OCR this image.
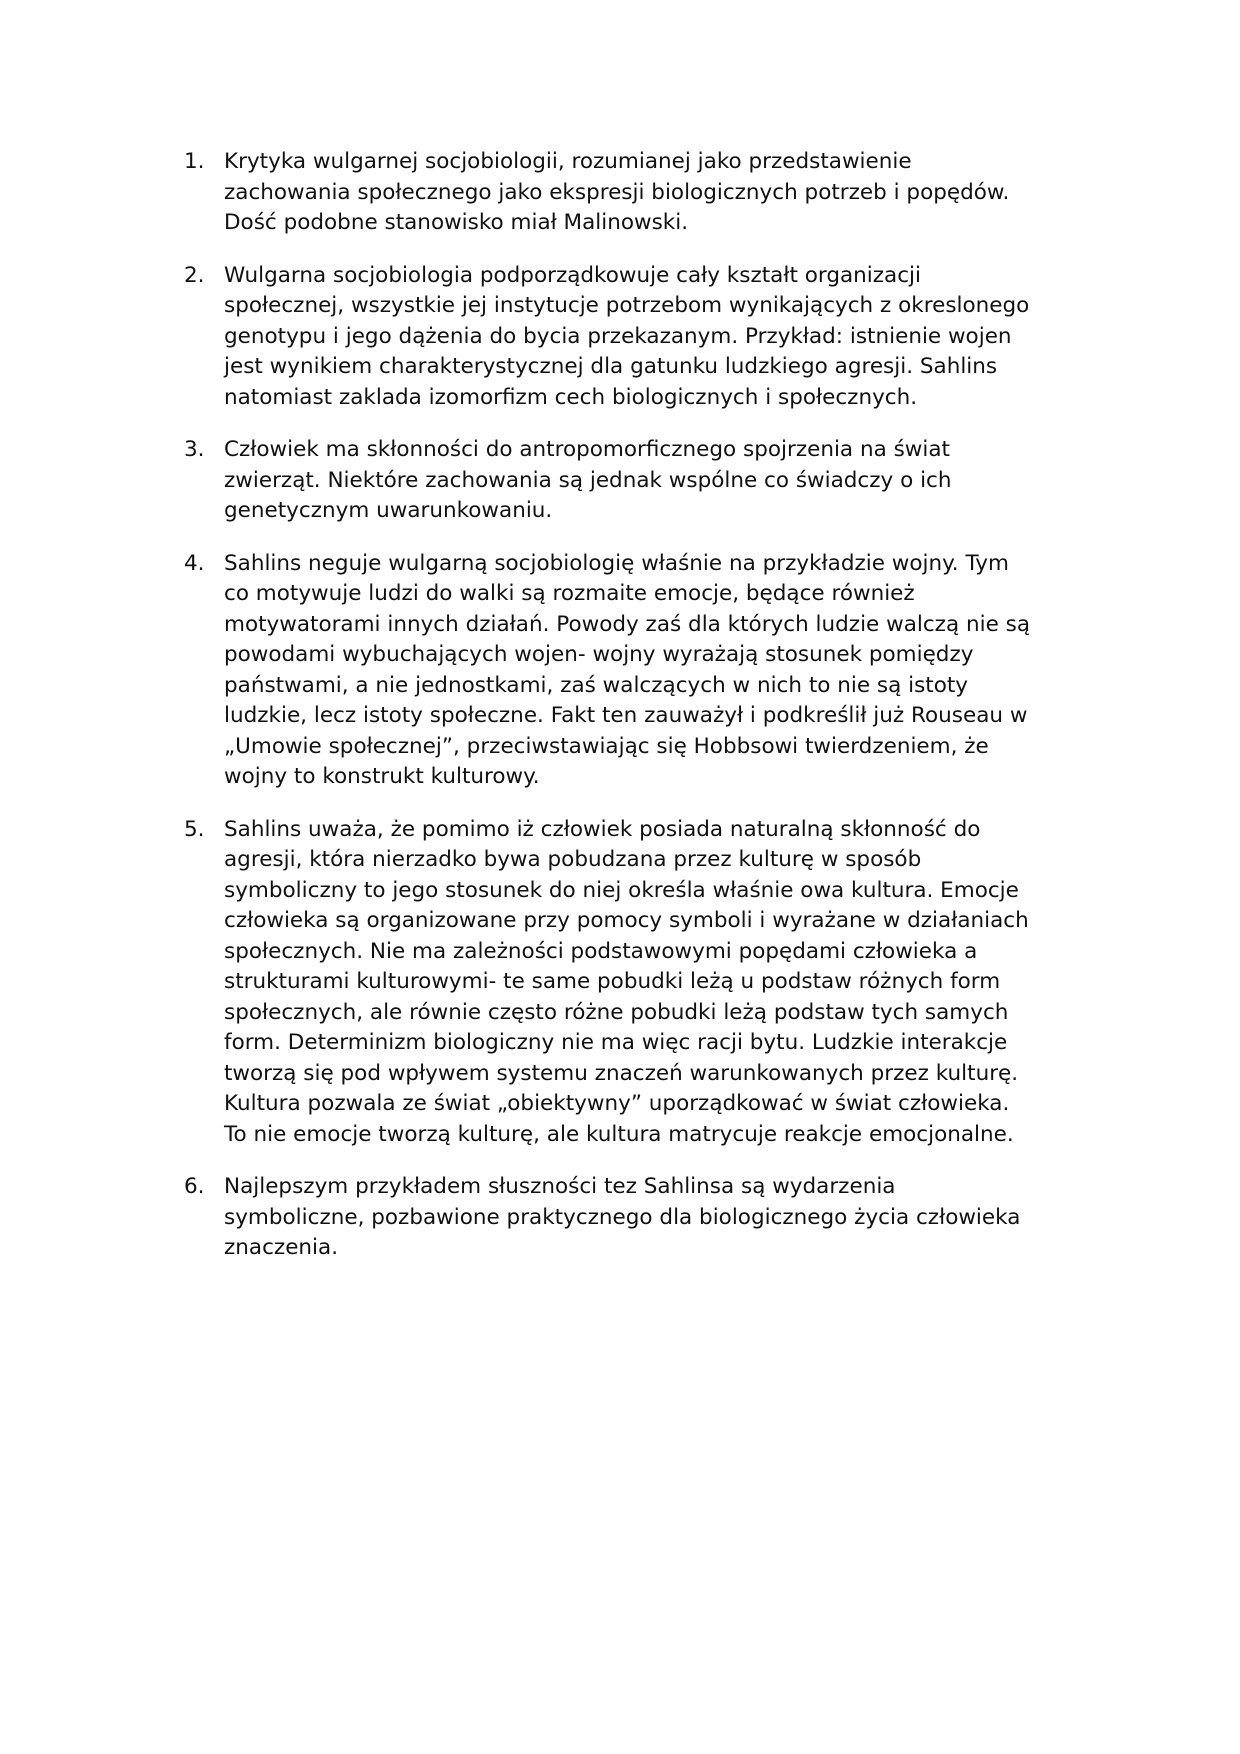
1. Krytyka wulgarnej socjobiologii, rozumianej jako przedstawienie
zachowania społecznego jako ekspresji biologicznych potrzeb i popędów.
Dość podobne stanowisko miał Malinowski.
2. Wulgarna socjobiologia podporządkowuje cały kształt organizacji
społecznej, wszystkie jej instytucje potrzebom wynikających z okreslonego
genotypu i jego dążenia do bycia przekazanym. Przykład: istnienie wojen
jest wynikiem charakterystycznej dla gatunku ludzkiego agresji. Sahlins
natomiast zaklada izomorfizm cech biologicznych i społecznych.
3. Człowiek ma skłonności do antropomorficznego spojrzenia na świat
zwierząt. Niektóre zachowania są jednak wspólne co świadczy o ich
genetycznym uwarunkowaniu.
4. Sahlins neguje wulgarną socjobiologię właśnie na przykładzie wojny. Tym
co motywuje ludzi do walki są rozmaite emocje, będące również
motywatorami innych działań. Powody zaś dla których ludzie walczą nie są
powodami wybuchających wojen- wojny wyrażają stosunek pomiędzy
państwami, a nie jednostkami, zaś walczących w nich to nie są istoty
ludzkie, lecz istoty społeczne. Fakt ten zauważył i podkreślił już Rouseau w
„Umowie społecznej”, przeciwstawiając się Hobbsowi twierdzeniem, że
wojny to konstrukt kulturowy.
5. Sahlins uważa, że pomimo iż człowiek posiada naturalną skłonność do
agresji, która nierzadko bywa pobudzana przez kulturę w sposób
symboliczny to jego stosunek do niej określa właśnie owa kultura. Emocje
człowieka są organizowane przy pomocy symboli i wyrażane w działaniach
społecznych. Nie ma zależności podstawowymi popędami człowieka a
strukturami kulturowymi- te same pobudki leżą u podstaw różnych form
społecznych, ale równie często różne pobudki leżą podstaw tych samych
form. Determinizm biologiczny nie ma więc racji bytu. Ludzkie interakcje
tworzą się pod wpływem systemu znaczeń warunkowanych przez kulturę.
Kultura pozwala ze świat „obiektywny” uporządkować w świat człowieka.
To nie emocje tworzą kulturę, ale kultura matrycuje reakcje emocjonalne.
6. Najlepszym przykładem słuszności tez Sahlinsa są wydarzenia
symboliczne, pozbawione praktycznego dla biologicznego życia człowieka
znaczenia.
